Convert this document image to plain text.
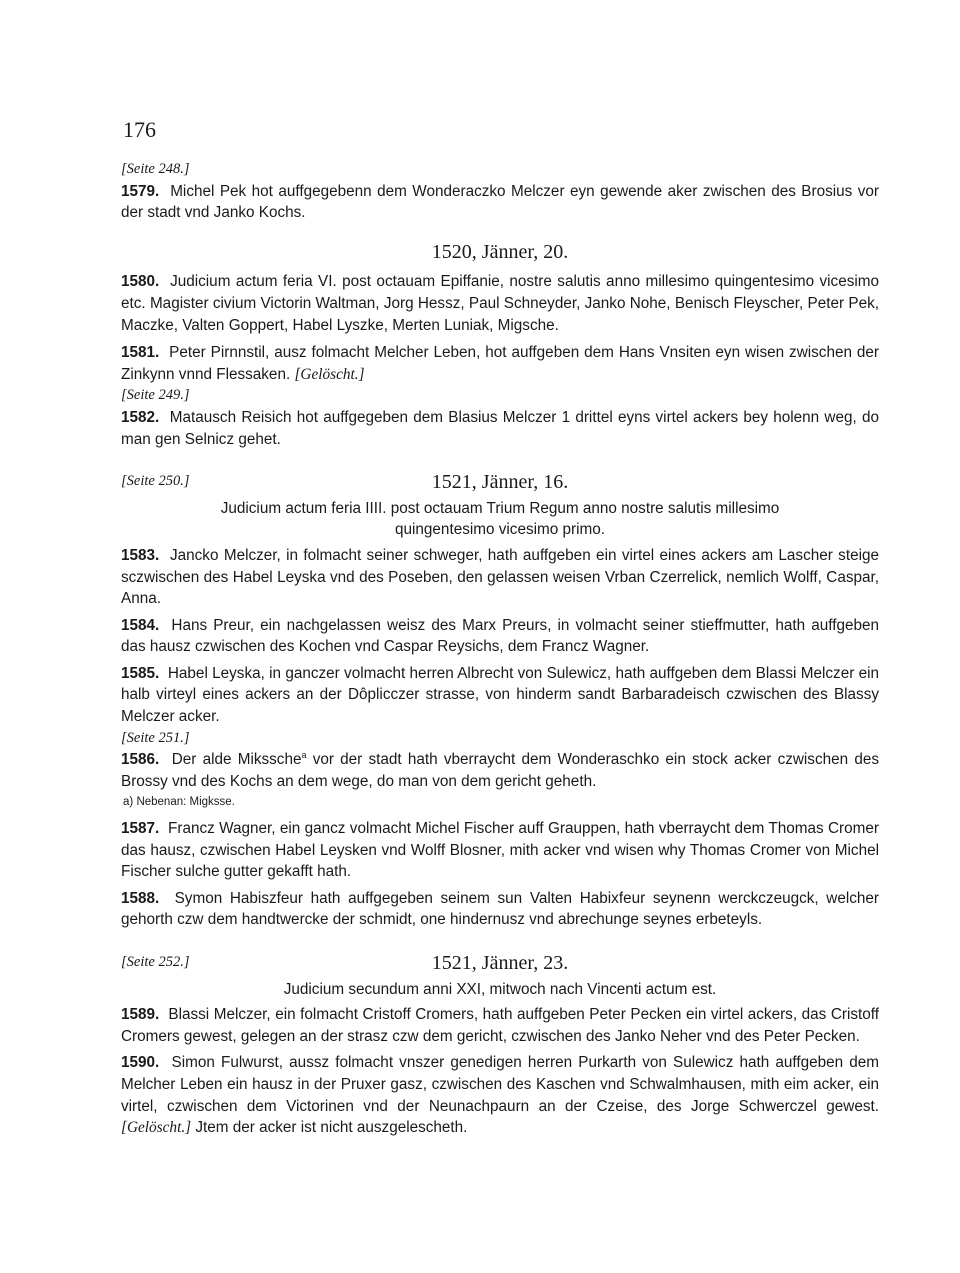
176

[Seite 248.]

1579. Michel Pek hot auffgegebenn dem Wonderaczko Melczer eyn gewende aker zwischen des Brosius vor der stadt vnd Janko Kochs.

1520, Jänner, 20.

1580. Judicium actum feria VI. post octauam Epiffanie, nostre salutis anno millesimo quingentesimo vicesimo etc. Magister civium Victorin Waltman, Jorg Hessz, Paul Schneyder, Janko Nohe, Benisch Fleyscher, Peter Pek, Maczke, Valten Goppert, Habel Lyszke, Merten Luniak, Migsche.

1581. Peter Pirnnstil, ausz folmacht Melcher Leben, hot auffgeben dem Hans Vnsiten eyn wisen zwischen der Zinkynn vnnd Flessaken. [Gelöscht.]

[Seite 249.]

1582. Matausch Reisich hot auffgegeben dem Blasius Melczer 1 drittel eyns virtel ackers bey holenn weg, do man gen Selnicz gehet.

1521, Jänner, 16.

[Seite 250.]

Judicium actum feria IIII. post octauam Trium Regum anno nostre salutis millesimo

quingentesimo vicesimo primo.

1583. Jancko Melczer, in folmacht seiner schweger, hath auffgeben ein virtel eines ackers am Lascher steige sczwischen des Habel Leyska vnd des Poseben, den gelassen weisen Vrban Czerrelick, nemlich Wolff, Caspar, Anna.

1584. Hans Preur, ein nachgelassen weisz des Marx Preurs, in volmacht seiner stieffmutter, hath auffgeben das hausz czwischen des Kochen vnd Caspar Reysichs, dem Francz Wagner.

1585. Habel Leyska, in ganczer volmacht herren Albrecht von Sulewicz, hath auffgeben dem Blassi Melczer ein halb virteyl eines ackers an der Dôplicczer strasse, von hinderm sandt Barbaradeisch czwischen des Blassy Melczer acker.

[Seite 251.]

1586. Der alde Mikssche$^a$ vor der stadt hath vberraycht dem Wonderaschko ein stock acker czwischen des Brossy vnd des Kochs an dem wege, do man von dem gericht geheth.

a) Nebenan: Migksse.

1587. Francz Wagner, ein gancz volmacht Michel Fischer auff Grauppen, hath vberraycht dem Thomas Cromer das hausz, czwischen Habel Leysken vnd Wolff Blosner, mith acker vnd wisen why Thomas Cromer von Michel Fischer sulche gutter gekafft hath.

1588. Symon Habiszfeur hath auffgegeben seinem sun Valten Habixfeur seynenn werckczeugck, welcher gehorth czw dem handtwercke der schmidt, one hindernusz vnd abrechunge seynes erbeteyls.

1521, Jänner, 23.

[Seite 252.]

Judicium secundum anni XXI, mitwoch nach Vincenti actum est.

1589. Blassi Melczer, ein folmacht Cristoff Cromers, hath auffgeben Peter Pecken ein virtel ackers, das Cristoff Cromers gewest, gelegen an der strasz czw dem gericht, czwischen des Janko Neher vnd des Peter Pecken.

1590. Simon Fulwurst, aussz folmacht vnszer genedigen herren Purkarth von Sulewicz hath auffgeben dem Melcher Leben ein hausz in der Pruxer gasz, czwischen des Kaschen vnd Schwalmhausen, mith eim acker, ein virtel, czwischen dem Victorinen vnd der Neunachpaurn an der Czeise, des Jorge Schwerczel gewest. [Gelöscht.] Jtem der acker ist nicht auszgelescheth.
